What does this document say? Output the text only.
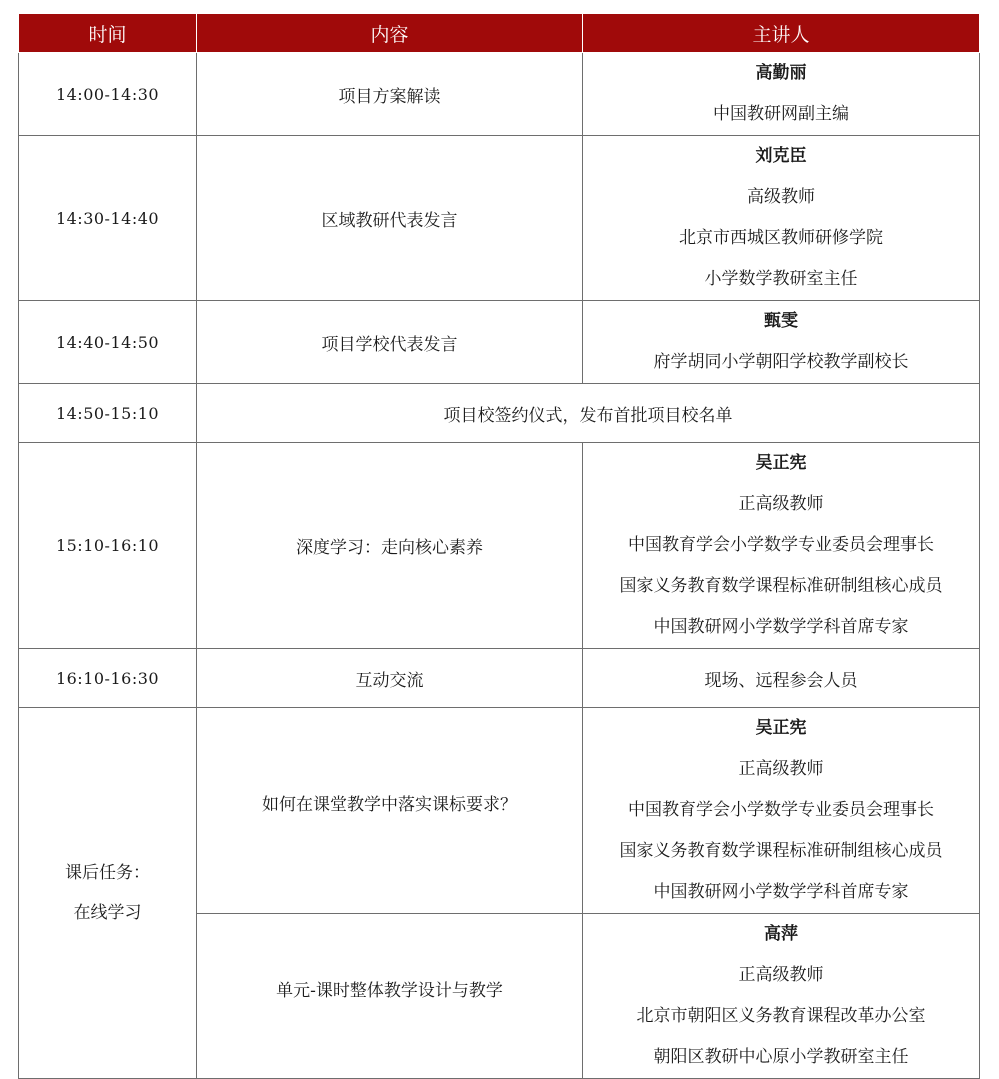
时间	内容	主讲人
14:00-14:30	项目方案解读	高勤丽
中国教研网副主编

14:30-14:40	区域教研代表发言	刘克臣
高级教师
北京市西城区教师研修学院
小学数学教研室主任

14:40-14:50	项目学校代表发言	甄雯
府学胡同小学朝阳学校教学副校长

14:50-15:10	项目校签约仪式，发布首批项目校名单	
15:10-16:10	深度学习：走向核心素养	吴正宪
正高级教师
中国教育学会小学数学专业委员会理事长
国家义务教育数学课程标准研制组核心成员
中国教研网小学数学学科首席专家

16:10-16:30	互动交流	现场、远程参会人员

课后任务：
在线学习	如何在课堂教学中落实课标要求？	吴正宪
正高级教师
中国教育学会小学数学专业委员会理事长
国家义务教育数学课程标准研制组核心成员
中国教研网小学数学学科首席专家

	单元-课时整体教学设计与教学	高萍
正高级教师
北京市朝阳区义务教育课程改革办公室
朝阳区教研中心原小学教研室主任
